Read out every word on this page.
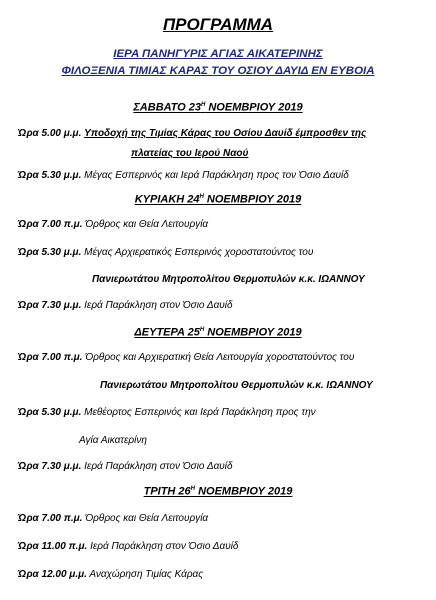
ΠΡΟΓΡΑΜΜΑ
ΙΕΡΑ ΠΑΝΗΓΥΡΙΣ ΑΓΙΑΣ ΑΙΚΑΤΕΡΙΝΗΣ
ΦΙΛΟΞΕΝΙΑ ΤΙΜΙΑΣ ΚΑΡΑΣ ΤΟΥ ΟΣΙΟΥ ΔΑΥΙΔ ΕΝ ΕΥΒΟΙΑ
ΣΑΒΒΑΤΟ $23^H$ ΝΟΕΜΒΡΙΟΥ 2019
Ώρα 5.00 μ.μ. Υποδοχή της Τιμίας Κάρας του Οσίου Δαυίδ έμπροσθεν της
πλατείας του Ιερού Ναού
Ώρα 5.30 μ.μ. Μέγας Εσπερινός και Ιερά Παράκληση προς τον Όσιο Δαυίδ
ΚΥΡΙΑΚΗ $24^H$ ΝΟΕΜΒΡΙΟΥ 2019
Ώρα 7.00 π.μ. Όρθρος και Θεία Λειτουργία
Ώρα 5.30 μ.μ. Μέγας Αρχιερατικός Εσπερινός χοροστατούντος του
Πανιερωτάτου Μητροπολίτου Θερμοπυλών κ.κ. ΙΩΑΝΝΟΥ
Ώρα 7.30 μ.μ. Ιερά Παράκληση στον Όσιο Δαυίδ
ΔΕΥΤΕΡΑ $25^H$ ΝΟΕΜΒΡΙΟΥ 2019
Ώρα 7.00 π.μ. Όρθρος και Αρχιερατική Θεία Λειτουργία χοροστατούντος του
Πανιερωτάτου Μητροπολίτου Θερμοπυλών κ.κ. ΙΩΑΝΝΟΥ
Ώρα 5.30 μ.μ. Μεθέορτος Εσπερινός και Ιερά Παράκληση προς την
Αγία Αικατερίνη
Ώρα 7.30 μ.μ. Ιερά Παράκληση στον Όσιο Δαυίδ
ΤΡΙΤΗ $26^H$ ΝΟΕΜΒΡΙΟΥ 2019
Ώρα 7.00 π.μ. Όρθρος και Θεία Λειτουργία
Ώρα 11.00 π.μ. Ιερά Παράκληση στον Όσιο Δαυίδ
Ώρα 12.00 μ.μ. Αναχώρηση Τιμίας Κάρας
